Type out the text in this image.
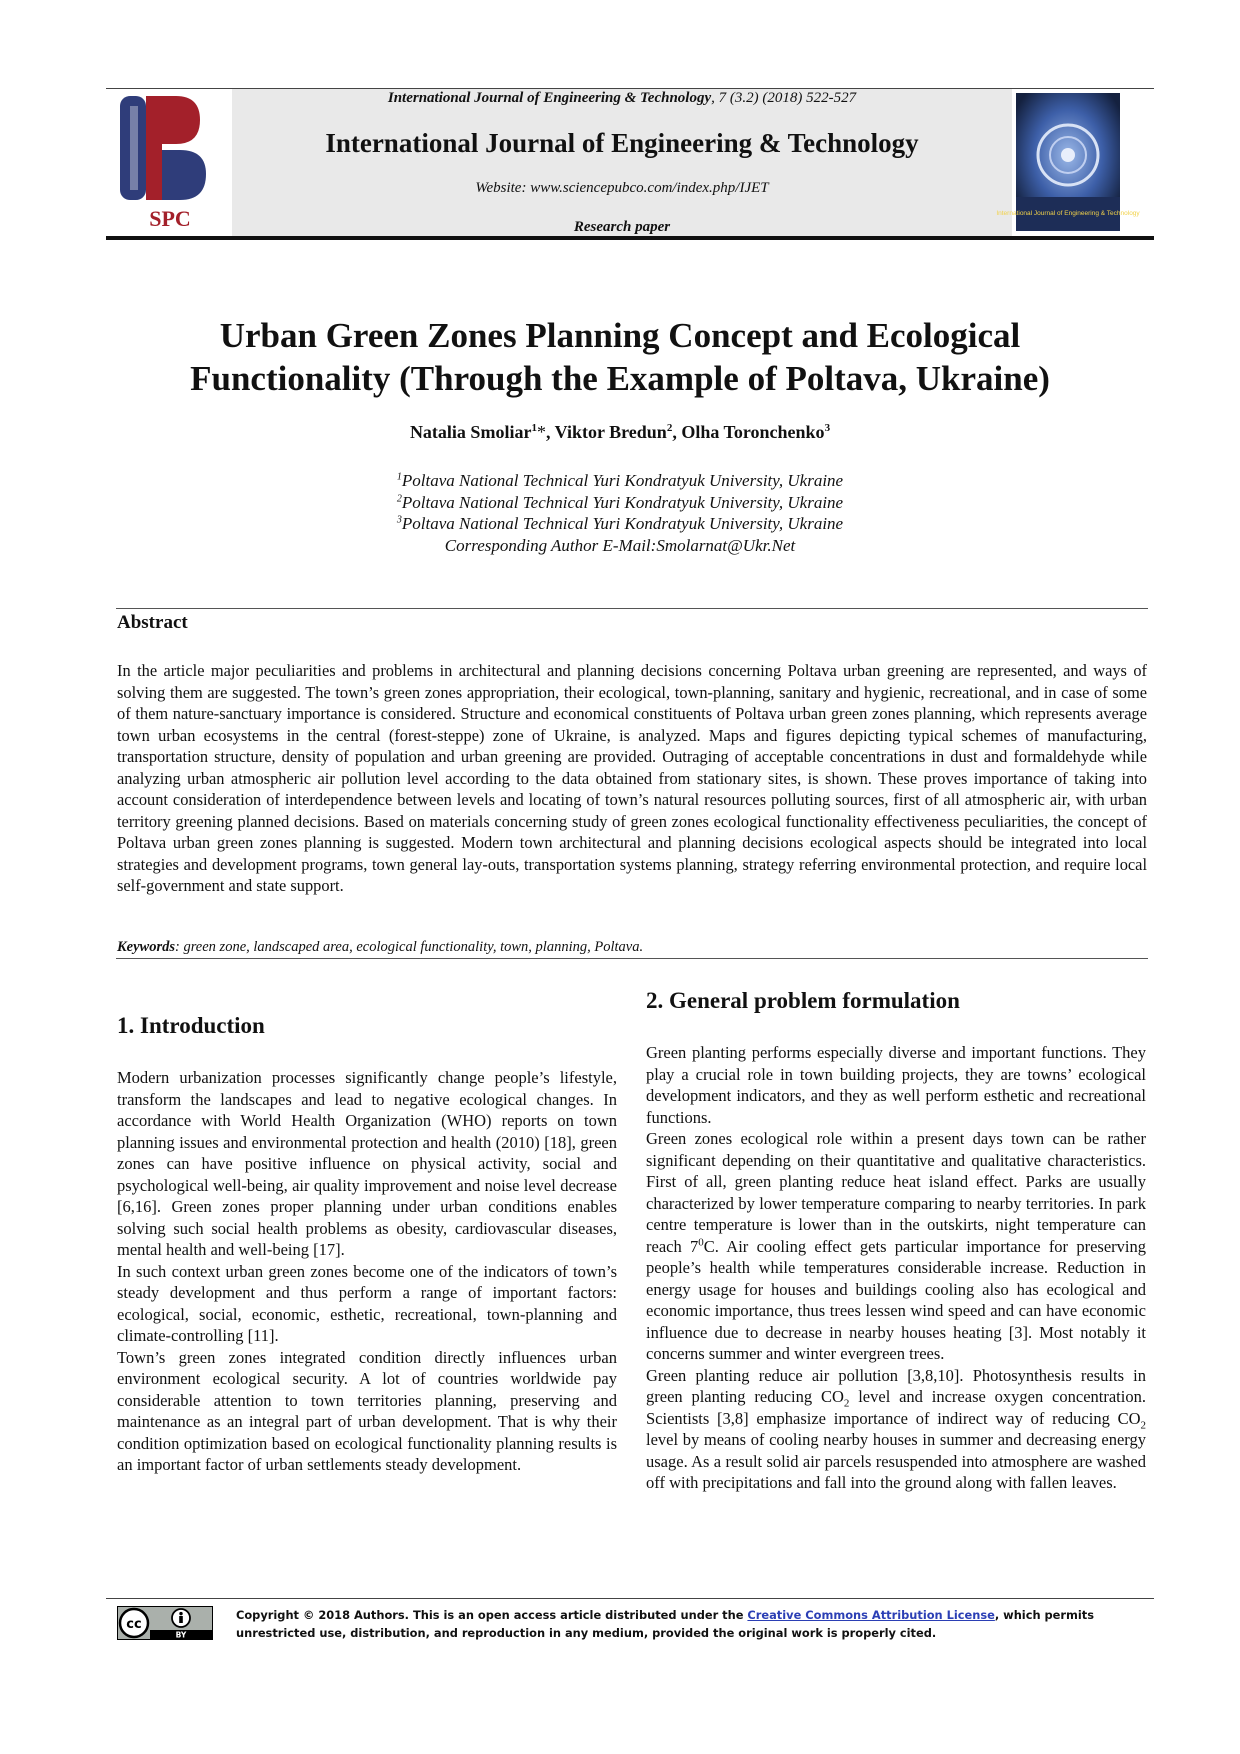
SPC
International Journal of Engineering & Technology, 7 (3.2) (2018) 522-527
International Journal of Engineering & Technology
Website: www.sciencepubco.com/index.php/IJET
Research paper
International Journal of Engineering & Technology
Urban Green Zones Planning Concept and Ecological
Functionality (Through the Example of Poltava, Ukraine)
Natalia Smoliar$^1$*, Viktor Bredun$^2$, Olha Toronchenko$^3$
$^1$Poltava National Technical Yuri Kondratyuk University, Ukraine
$^2$Poltava National Technical Yuri Kondratyuk University, Ukraine
$^3$Poltava National Technical Yuri Kondratyuk University, Ukraine
Corresponding Author E-Mail:Smolarnat@Ukr.Net
Abstract
In the article major peculiarities and problems in architectural and planning decisions concerning Poltava urban greening are represented, and ways of solving them are suggested. The town’s green zones appropriation, their ecological, town-planning, sanitary and hygienic, recreational, and in case of some of them nature-sanctuary importance is considered. Structure and economical constituents of Poltava urban green zones planning, which represents average town urban ecosystems in the central (forest-steppe) zone of Ukraine, is analyzed. Maps and figures depicting typical schemes of manufacturing, transportation structure, density of population and urban greening are provided. Outraging of acceptable concentrations in dust and formaldehyde while analyzing urban atmospheric air pollution level according to the data obtained from stationary sites, is shown. These proves importance of taking into account consideration of interdependence between levels and locating of town’s natural resources polluting sources, first of all atmospheric air, with urban territory greening planned decisions. Based on materials concerning study of green zones ecological functionality effectiveness peculiarities, the concept of Poltava urban green zones planning is suggested. Modern town architectural and planning decisions ecological aspects should be integrated into local strategies and development programs, town general lay-outs, transportation systems planning, strategy referring environmental protection, and require local self-government and state support.
Keywords: green zone, landscaped area, ecological functionality, town, planning, Poltava.
1. Introduction

Modern urbanization processes significantly change people’s lifestyle, transform the landscapes and lead to negative ecological changes. In accordance with World Health Organization (WHO) reports on town planning issues and environmental protection and health (2010) [18], green zones can have positive influence on physical activity, social and psychological well-being, air quality improvement and noise level decrease [6,16]. Green zones proper planning under urban conditions enables solving such social health problems as obesity, cardiovascular diseases, mental health and well-being [17].

In such context urban green zones become one of the indicators of town’s steady development and thus perform a range of important factors: ecological, social, economic, esthetic, recreational, town-planning and climate-controlling [11].

Town’s green zones integrated condition directly influences urban environment ecological security. A lot of countries worldwide pay considerable attention to town territories planning, preserving and maintenance as an integral part of urban development. That is why their condition optimization based on ecological functionality planning results is an important factor of urban settlements steady development.

2. General problem formulation

Green planting performs especially diverse and important functions. They play a crucial role in town building projects, they are towns’ ecological development indicators, and they as well perform esthetic and recreational functions.

Green zones ecological role within a present days town can be rather significant depending on their quantitative and qualitative characteristics. First of all, green planting reduce heat island effect. Parks are usually characterized by lower temperature comparing to nearby territories. In park centre temperature is lower than in the outskirts, night temperature can reach $7^0C$. Air cooling effect gets particular importance for preserving people’s health while temperatures considerable increase. Reduction in energy usage for houses and buildings cooling also has ecological and economic importance, thus trees lessen wind speed and can have economic influence due to decrease in nearby houses heating [3]. Most notably it concerns summer and winter evergreen trees.

Green planting reduce air pollution [3,8,10]. Photosynthesis results in green planting reducing $CO_2$ level and increase oxygen concentration. Scientists [3,8] emphasize importance of indirect way of reducing $CO_2$ level by means of cooling nearby houses in summer and decreasing energy usage. As a result solid air parcels resuspended into atmosphere are washed off with precipitations and fall into the ground along with fallen leaves.

cc
BY
Copyright © 2018 Authors. This is an open access article distributed under the Creative Commons Attribution License, which permits unrestricted use, distribution, and reproduction in any medium, provided the original work is properly cited.
